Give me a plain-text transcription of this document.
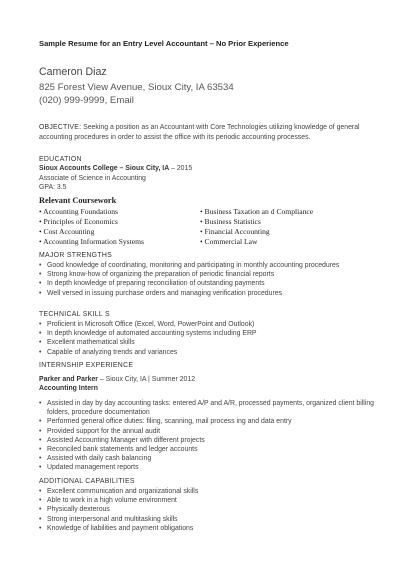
Sample Resume for an Entry Level Accountant – No Prior Experience
Cameron Diaz
825 Forest View Avenue, Sioux City, IA 63534
(020) 999-9999, Email
OBJECTIVE: Seeking a position as an Accountant with Core Technologies utilizing knowledge of general accounting procedures in order to assist the office with its periodic accounting processes.
EDUCATION
Sioux Accounts College – Sioux City, IA – 2015
Associate of Science in Accounting
GPA: 3.5
Relevant Coursework
• Accounting Foundations
• Principles of Economics
• Cost Accounting
• Accounting Information Systems
• Business Taxation an d Compliance
• Business Statistics
• Financial Accounting
• Commercial Law
MAJOR STRENGTHS
• Good knowledge of coordinating, monitoring and participating in monthly accounting procedures
• Strong know-how of organizing the preparation of periodic financial reports
• In depth knowledge of preparing reconciliation of outstanding payments
• Well versed in issuing purchase orders and managing verification procedures
TECHNICAL SKILL S
• Proficient in Microsoft Office (Excel, Word, PowerPoint and Outlook)
• In depth knowledge of automated accounting systems including ERP
• Excellent mathematical skills
• Capable of analyzing trends and variances
INTERNSHIP EXPERIENCE
Parker and Parker – Sioux City, IA | Summer 2012
Accounting Intern
• Assisted in day by day accounting tasks: entered A/P and A/R, processed payments, organized client billing folders, procedure documentation
• Performed general office duties: filing, scanning, mail process ing and data entry
• Provided support for the annual audit
• Assisted Accounting Manager with different projects
• Reconciled bank statements and ledger accounts
• Assisted with daily cash balancing
• Updated management reports
ADDITIONAL CAPABILITIES
• Excellent communication and organizational skills
• Able to work in a high volume environment
• Physically dexterous
• Strong interpersonal and multitasking skills
• Knowledge of liabilities and payment obligations
